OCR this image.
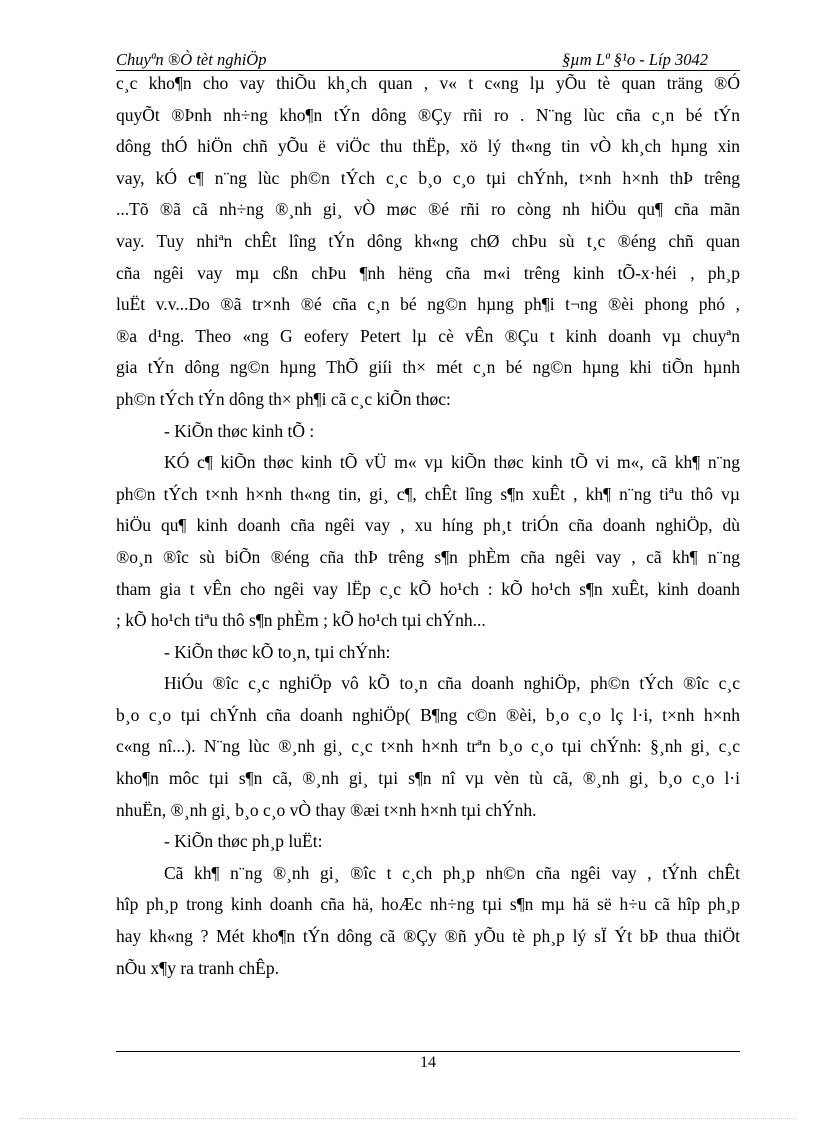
Chuyªn ®Ò tèt nghiÖp	§µm Lª §¹o - Líp 3042

c¸c kho¶n cho vay thiÕu kh¸ch quan , v« t c«ng lµ yÕu tè quan träng ®Ó
quyÕt ®Þnh nh÷ng kho¶n tÝn dông ®Çy rñi ro . N¨ng lùc cña c¸n bé tÝn
dông thÓ hiÖn chñ yÕu ë viÖc thu thËp, xö lý th«ng tin vÒ kh¸ch hµng xin
vay, kÓ c¶ n¨ng lùc ph©n tÝch c¸c b¸o c¸o tµi chÝnh, t×nh h×nh thÞ trêng
...Tõ ®ã cã nh÷ng ®¸nh gi¸ vÒ møc ®é rñi ro còng nh hiÖu qu¶ cña mãn
vay. Tuy nhiªn chÊt lîng tÝn dông kh«ng chØ chÞu sù t¸c ®éng chñ quan
cña ngêi vay mµ cßn chÞu ¶nh hëng cña m«i trêng kinh tÕ-x·héi , ph¸p
luËt v.v...Do ®ã tr×nh ®é cña c¸n bé ng©n hµng ph¶i t¬ng ®èi phong phó ,
®a d¹ng. Theo «ng G eofery Petert lµ cè vÊn ®Çu t kinh doanh vµ chuyªn
gia tÝn dông ng©n hµng ThÕ giíi th× mét c¸n bé ng©n hµng khi tiÕn hµnh
ph©n tÝch tÝn dông th× ph¶i cã c¸c kiÕn thøc:

- KiÕn thøc kinh tÕ :

KÓ c¶ kiÕn thøc kinh tÕ vÜ m« vµ kiÕn thøc kinh tÕ vi m«, cã kh¶ n¨ng
ph©n tÝch t×nh h×nh th«ng tin, gi¸ c¶, chÊt lîng s¶n xuÊt , kh¶ n¨ng tiªu thô vµ
hiÖu qu¶ kinh doanh cña ngêi vay , xu híng ph¸t triÓn cña doanh nghiÖp, dù
®o¸n ®îc sù biÕn ®éng cña thÞ trêng s¶n phÈm cña ngêi vay , cã kh¶ n¨ng
tham gia t vÊn cho ngêi vay lËp c¸c kÕ ho¹ch : kÕ ho¹ch s¶n xuÊt, kinh doanh
; kÕ ho¹ch tiªu thô s¶n phÈm ; kÕ ho¹ch tµi chÝnh...

- KiÕn thøc kÕ to¸n, tµi chÝnh:

HiÓu ®îc c¸c nghiÖp vô kÕ to¸n cña doanh nghiÖp, ph©n tÝch ®îc c¸c
b¸o c¸o tµi chÝnh cña doanh nghiÖp( B¶ng c©n ®èi, b¸o c¸o lç l·i, t×nh h×nh
c«ng nî...). N¨ng lùc ®¸nh gi¸ c¸c t×nh h×nh trªn b¸o c¸o tµi chÝnh: §¸nh gi¸ c¸c
kho¶n môc tµi s¶n cã, ®¸nh gi¸ tµi s¶n nî vµ vèn tù cã, ®¸nh gi¸ b¸o c¸o l·i
nhuËn, ®¸nh gi¸ b¸o c¸o vÒ thay ®æi t×nh h×nh tµi chÝnh.

- KiÕn thøc ph¸p luËt:

Cã kh¶ n¨ng ®¸nh gi¸ ®îc t c¸ch ph¸p nh©n cña ngêi vay , tÝnh chÊt
hîp ph¸p trong kinh doanh cña hä, hoÆc nh÷ng tµi s¶n mµ hä së h÷u cã hîp ph¸p
hay kh«ng ? Mét kho¶n tÝn dông cã ®Çy ®ñ yÕu tè ph¸p lý sÏ Ýt bÞ thua thiÖt
nÕu x¶y ra tranh chÊp.

14
